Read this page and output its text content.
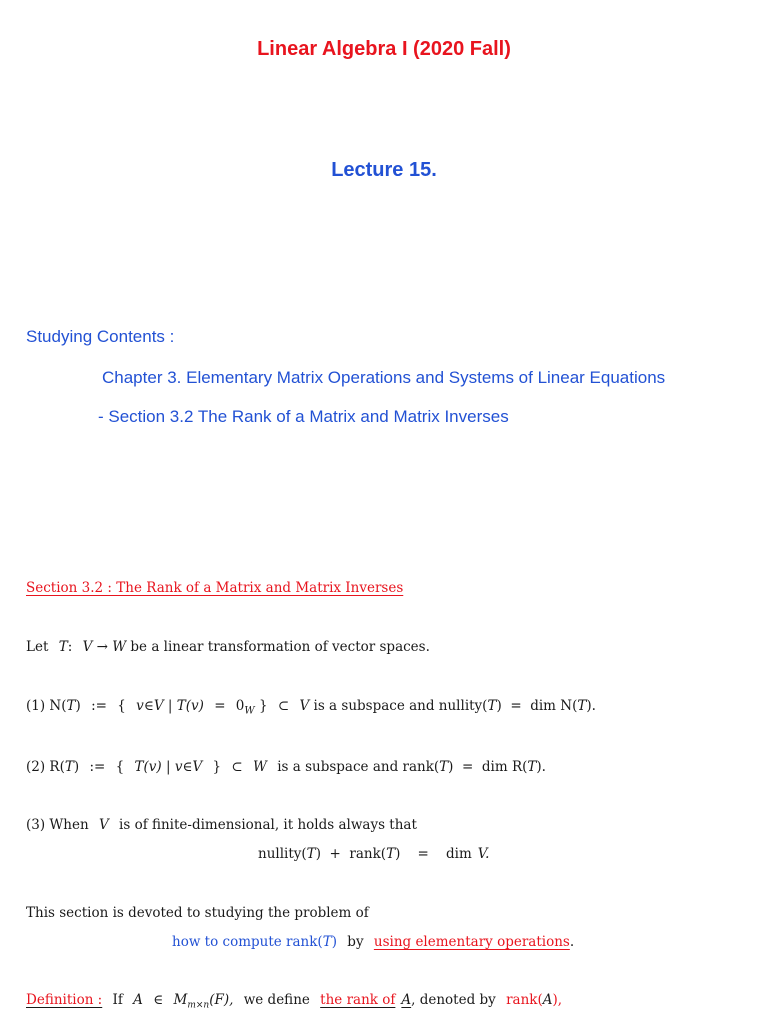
Linear Algebra I (2020 Fall)
Lecture 15.
Studying Contents :
Chapter 3. Elementary Matrix Operations and Systems of Linear Equations
- Section 3.2 The Rank of a Matrix and Matrix Inverses
Section 3.2 : The Rank of a Matrix and Matrix Inverses
Let T: V → W be a linear transformation of vector spaces.
(1) N(T) := { v∈V | $T(v) = 0_W$ } ⊂ V is a subspace and nullity(T)  =  dim N(T).
(2) R(T) := { T(v) | v∈V } ⊂ W is a subspace and rank(T)  =  dim R(T).
(3) When V is of finite-dimensional, it holds always that
nullity(T)  +  rank(T)    =    dim V.
This section is devoted to studying the problem of
how to compute rank(T) by using elementary operations.
Definition : If A ∈ $M_{m\times n}(F)$, we define the rank of A, denoted by rank(A),
